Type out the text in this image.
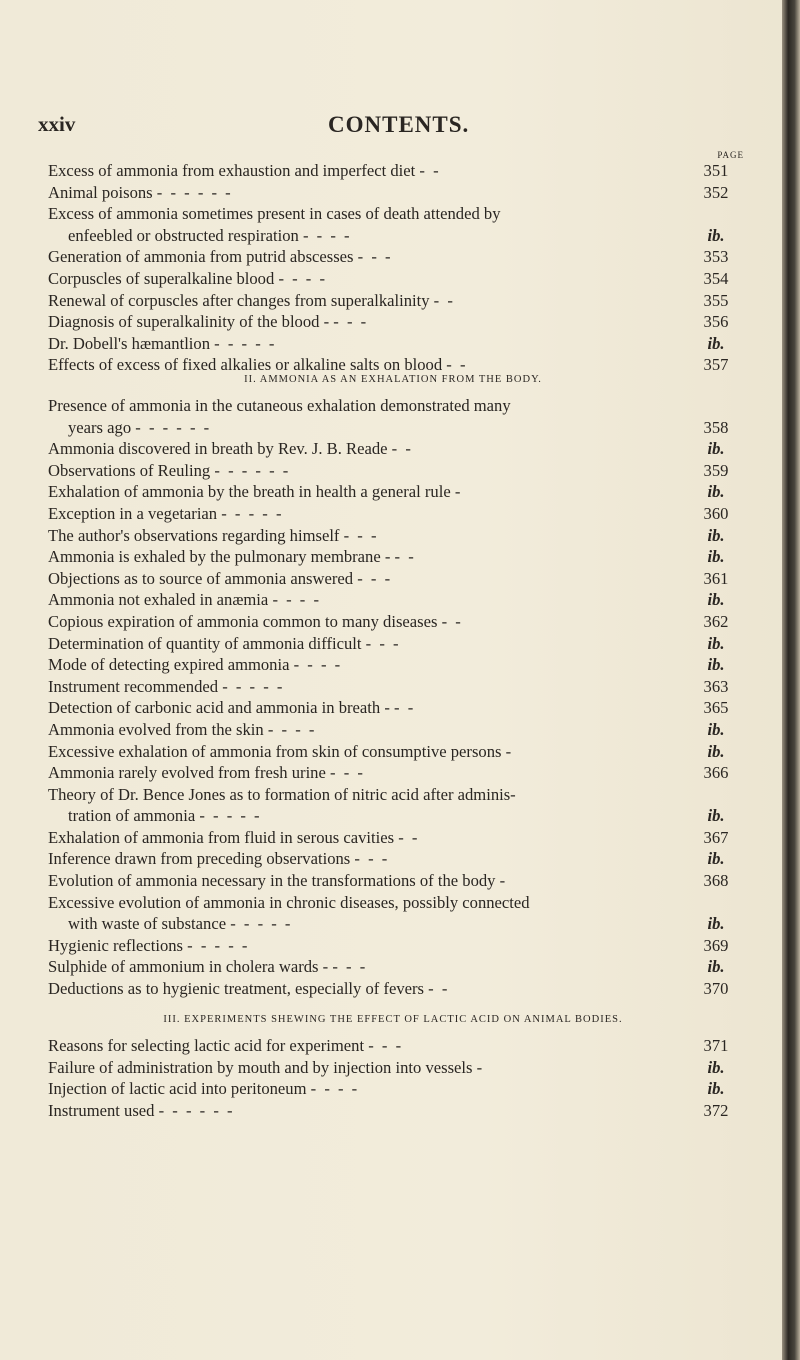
xxiv	CONTENTS.
PAGE
Excess of ammonia from exhaustion and imperfect diet - -	351
Animal poisons - - - - - -	352
Excess of ammonia sometimes present in cases of death attended by
enfeebled or obstructed respiration - - - -	ib.
Generation of ammonia from putrid abscesses - - -	353
Corpuscles of superalkaline blood - - - -	354
Renewal of corpuscles after changes from superalkalinity - -	355
Diagnosis of superalkalinity of the blood - - - -	356
Dr. Dobell's hæmantlion - - - - -	ib.
Effects of excess of fixed alkalies or alkaline salts on blood - -	357
II. AMMONIA AS AN EXHALATION FROM THE BODY.
Presence of ammonia in the cutaneous exhalation demonstrated many
years ago - - - - - -	358
Ammonia discovered in breath by Rev. J. B. Reade - -	ib.
Observations of Reuling - - - - - -	359
Exhalation of ammonia by the breath in health a general rule -	ib.
Exception in a vegetarian - - - - -	360
The author's observations regarding himself - - -	ib.
Ammonia is exhaled by the pulmonary membrane - - -	ib.
Objections as to source of ammonia answered - - -	361
Ammonia not exhaled in anæmia - - - -	ib.
Copious expiration of ammonia common to many diseases - -	362
Determination of quantity of ammonia difficult - - -	ib.
Mode of detecting expired ammonia - - - -	ib.
Instrument recommended - - - - -	363
Detection of carbonic acid and ammonia in breath - - -	365
Ammonia evolved from the skin - - - -	ib.
Excessive exhalation of ammonia from skin of consumptive persons -	ib.
Ammonia rarely evolved from fresh urine - - -	366
Theory of Dr. Bence Jones as to formation of nitric acid after adminis-
tration of ammonia - - - - -	ib.
Exhalation of ammonia from fluid in serous cavities - -	367
Inference drawn from preceding observations - - -	ib.
Evolution of ammonia necessary in the transformations of the body -	368
Excessive evolution of ammonia in chronic diseases, possibly connected
with waste of substance - - - - -	ib.
Hygienic reflections - - - - -	369
Sulphide of ammonium in cholera wards - - - -	ib.
Deductions as to hygienic treatment, especially of fevers - -	370
III. EXPERIMENTS SHEWING THE EFFECT OF LACTIC ACID ON ANIMAL BODIES.
Reasons for selecting lactic acid for experiment - - -	371
Failure of administration by mouth and by injection into vessels -	ib.
Injection of lactic acid into peritoneum - - - -	ib.
Instrument used - - - - - -	372
